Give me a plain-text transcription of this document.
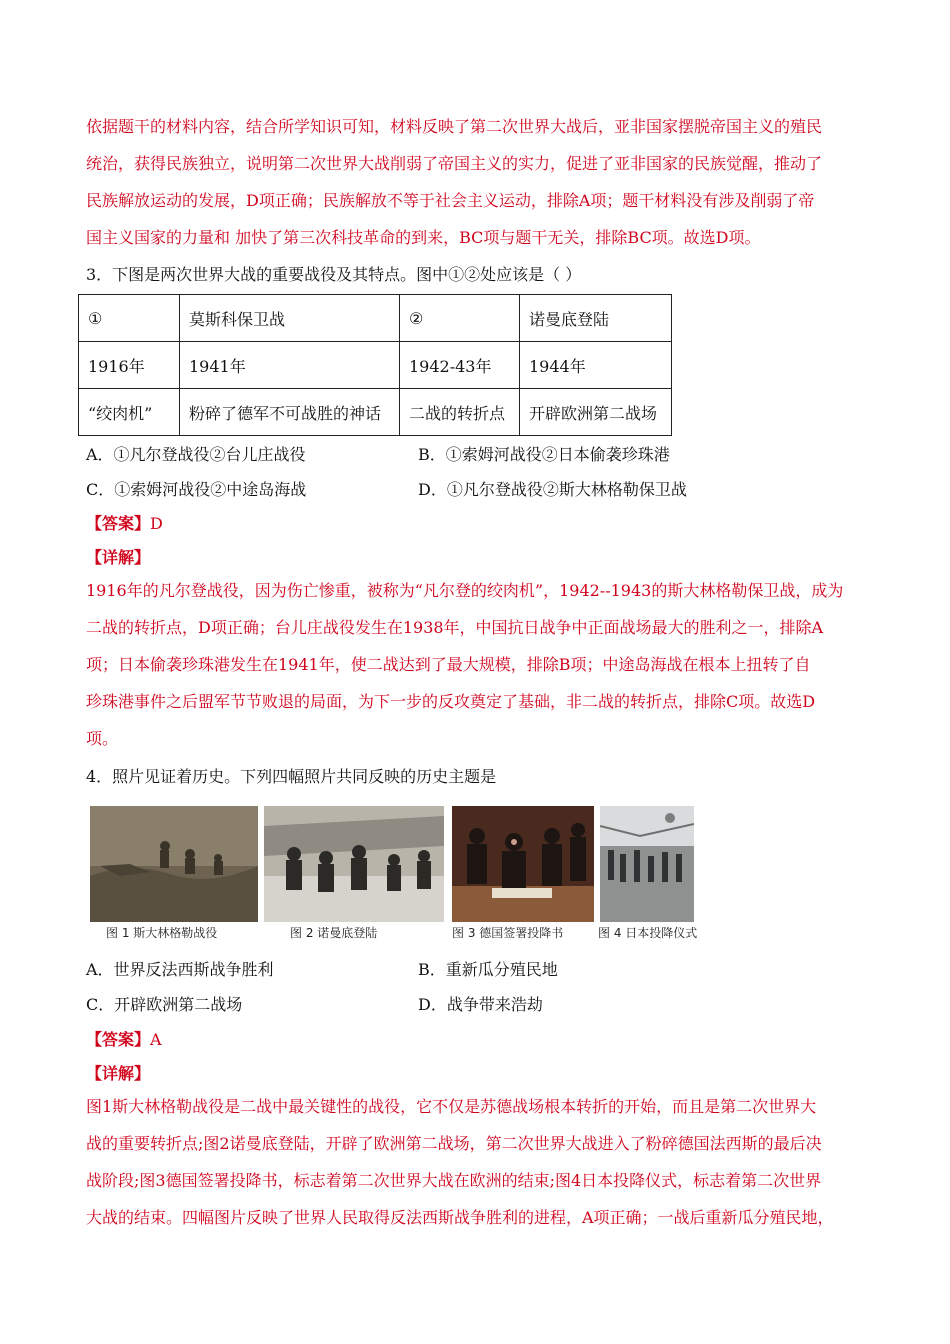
依据题干的材料内容，结合所学知识可知，材料反映了第二次世界大战后，亚非国家摆脱帝国主义的殖民

统治，获得民族独立，说明第二次世界大战削弱了帝国主义的实力，促进了亚非国家的民族觉醒，推动了

民族解放运动的发展，D项正确；民族解放不等于社会主义运动，排除A项；题干材料没有涉及削弱了帝

国主义国家的力量和 加快了第三次科技革命的到来，BC项与题干无关，排除BC项。故选D项。

3．下图是两次世界大战的重要战役及其特点。图中①②处应该是（ ）
①	莫斯科保卫战	②	诺曼底登陆
1916年	1941年	1942-43年	1944年
“绞肉机”	粉碎了德军不可战胜的神话	二战的转折点	开辟欧洲第二战场
A．①凡尔登战役②台儿庄战役	B．①索姆河战役②日本偷袭珍珠港
C．①索姆河战役②中途岛海战	D．①凡尔登战役②斯大林格勒保卫战
【答案】D
【详解】

1916年的凡尔登战役，因为伤亡惨重，被称为“凡尔登的绞肉机”，1942--1943的斯大林格勒保卫战，成为

二战的转折点，D项正确；台儿庄战役发生在1938年，中国抗日战争中正面战场最大的胜利之一，排除A

项；日本偷袭珍珠港发生在1941年，使二战达到了最大规模，排除B项；中途岛海战在根本上扭转了自

珍珠港事件之后盟军节节败退的局面，为下一步的反攻奠定了基础，非二战的转折点，排除C项。故选D

项。

4．照片见证着历史。下列四幅照片共同反映的历史主题是
图 1 斯大林格勒战役	图 2 诺曼底登陆	图 3 德国签署投降书	图 4 日本投降仪式
A．世界反法西斯战争胜利	B．重新瓜分殖民地
C．开辟欧洲第二战场	D．战争带来浩劫
【答案】A
【详解】

图1斯大林格勒战役是二战中最关键性的战役，它不仅是苏德战场根本转折的开始，而且是第二次世界大

战的重要转折点;图2诺曼底登陆，开辟了欧洲第二战场，第二次世界大战进入了粉碎德国法西斯的最后决

战阶段;图3德国签署投降书，标志着第二次世界大战在欧洲的结束;图4日本投降仪式，标志着第二次世界

大战的结束。四幅图片反映了世界人民取得反法西斯战争胜利的进程，A项正确；一战后重新瓜分殖民地，
